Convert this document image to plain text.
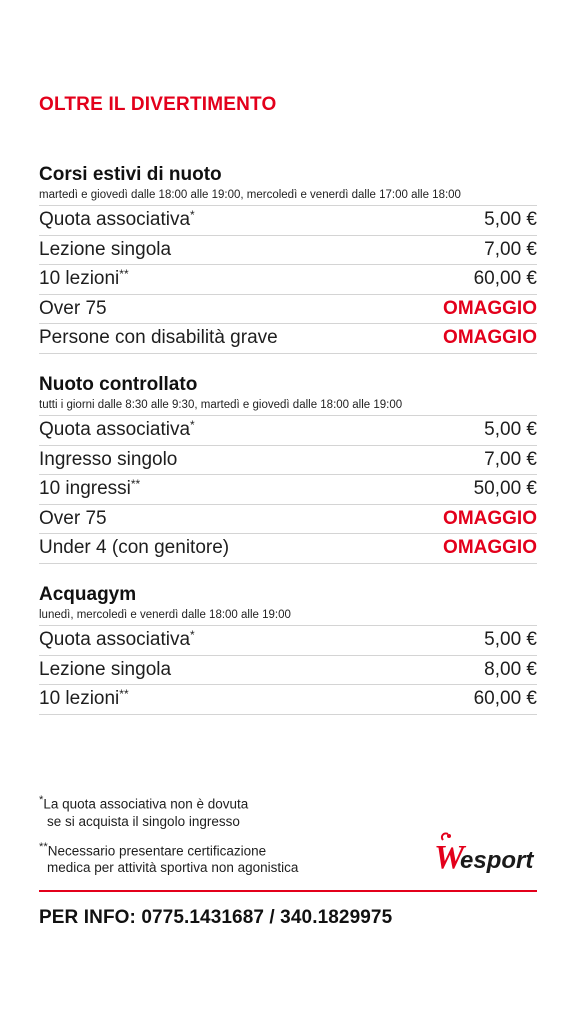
OLTRE IL DIVERTIMENTO
Corsi estivi di nuoto
martedì e giovedì dalle 18:00 alle 19:00, mercoledì e venerdì dalle 17:00 alle 18:00
Quota associativa*	5,00 €
Lezione singola	7,00 €
10 lezioni**	60,00 €
Over 75	OMAGGIO
Persone con disabilità grave	OMAGGIO
Nuoto controllato
tutti i giorni dalle 8:30 alle 9:30, martedì e giovedì dalle 18:00 alle 19:00
Quota associativa*	5,00 €
Ingresso singolo	7,00 €
10 ingressi**	50,00 €
Over 75	OMAGGIO
Under 4 (con genitore)	OMAGGIO
Acquagym
lunedì, mercoledì e venerdì dalle 18:00 alle 19:00
Quota associativa*	5,00 €
Lezione singola	8,00 €
10 lezioni**	60,00 €
*La quota associativa non è dovuta
se si acquista il singolo ingresso
**Necessario presentare certificazione
medica per attività sportiva non agonistica	W
esport
PER INFO: 0775.1431687 / 340.1829975
